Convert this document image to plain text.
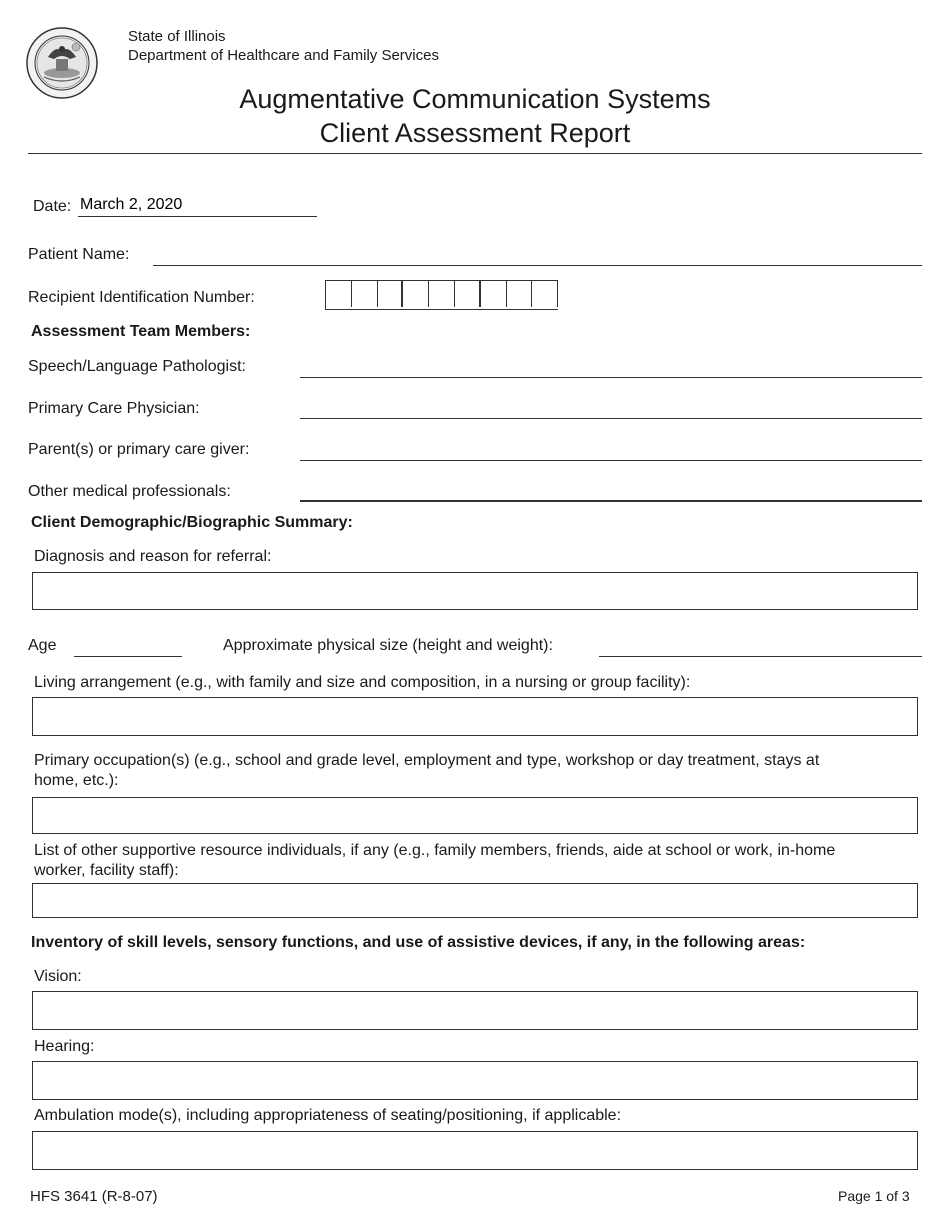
State of Illinois
Department of Healthcare and Family Services
Augmentative Communication Systems
Client Assessment Report
Date:
March 2, 2020
Patient Name:
Recipient Identification Number:
Assessment Team Members:
Speech/Language Pathologist:
Primary Care Physician:
Parent(s) or primary care giver:
Other medical professionals:
Client Demographic/Biographic Summary:
Diagnosis and reason for referral:
Age	Approximate physical size (height and weight):
Living arrangement (e.g., with family and size and composition, in a nursing or group facility):
Primary occupation(s) (e.g., school and grade level, employment and type, workshop or day treatment, stays at
home, etc.):
List of other supportive resource individuals, if any (e.g., family members, friends, aide at school or work, in-home
worker, facility staff):
Inventory of skill levels, sensory functions, and use of assistive devices, if any, in the following areas:
Vision:
Hearing:
Ambulation mode(s), including appropriateness of seating/positioning, if applicable:
HFS 3641 (R-8-07)	Page 1 of 3
